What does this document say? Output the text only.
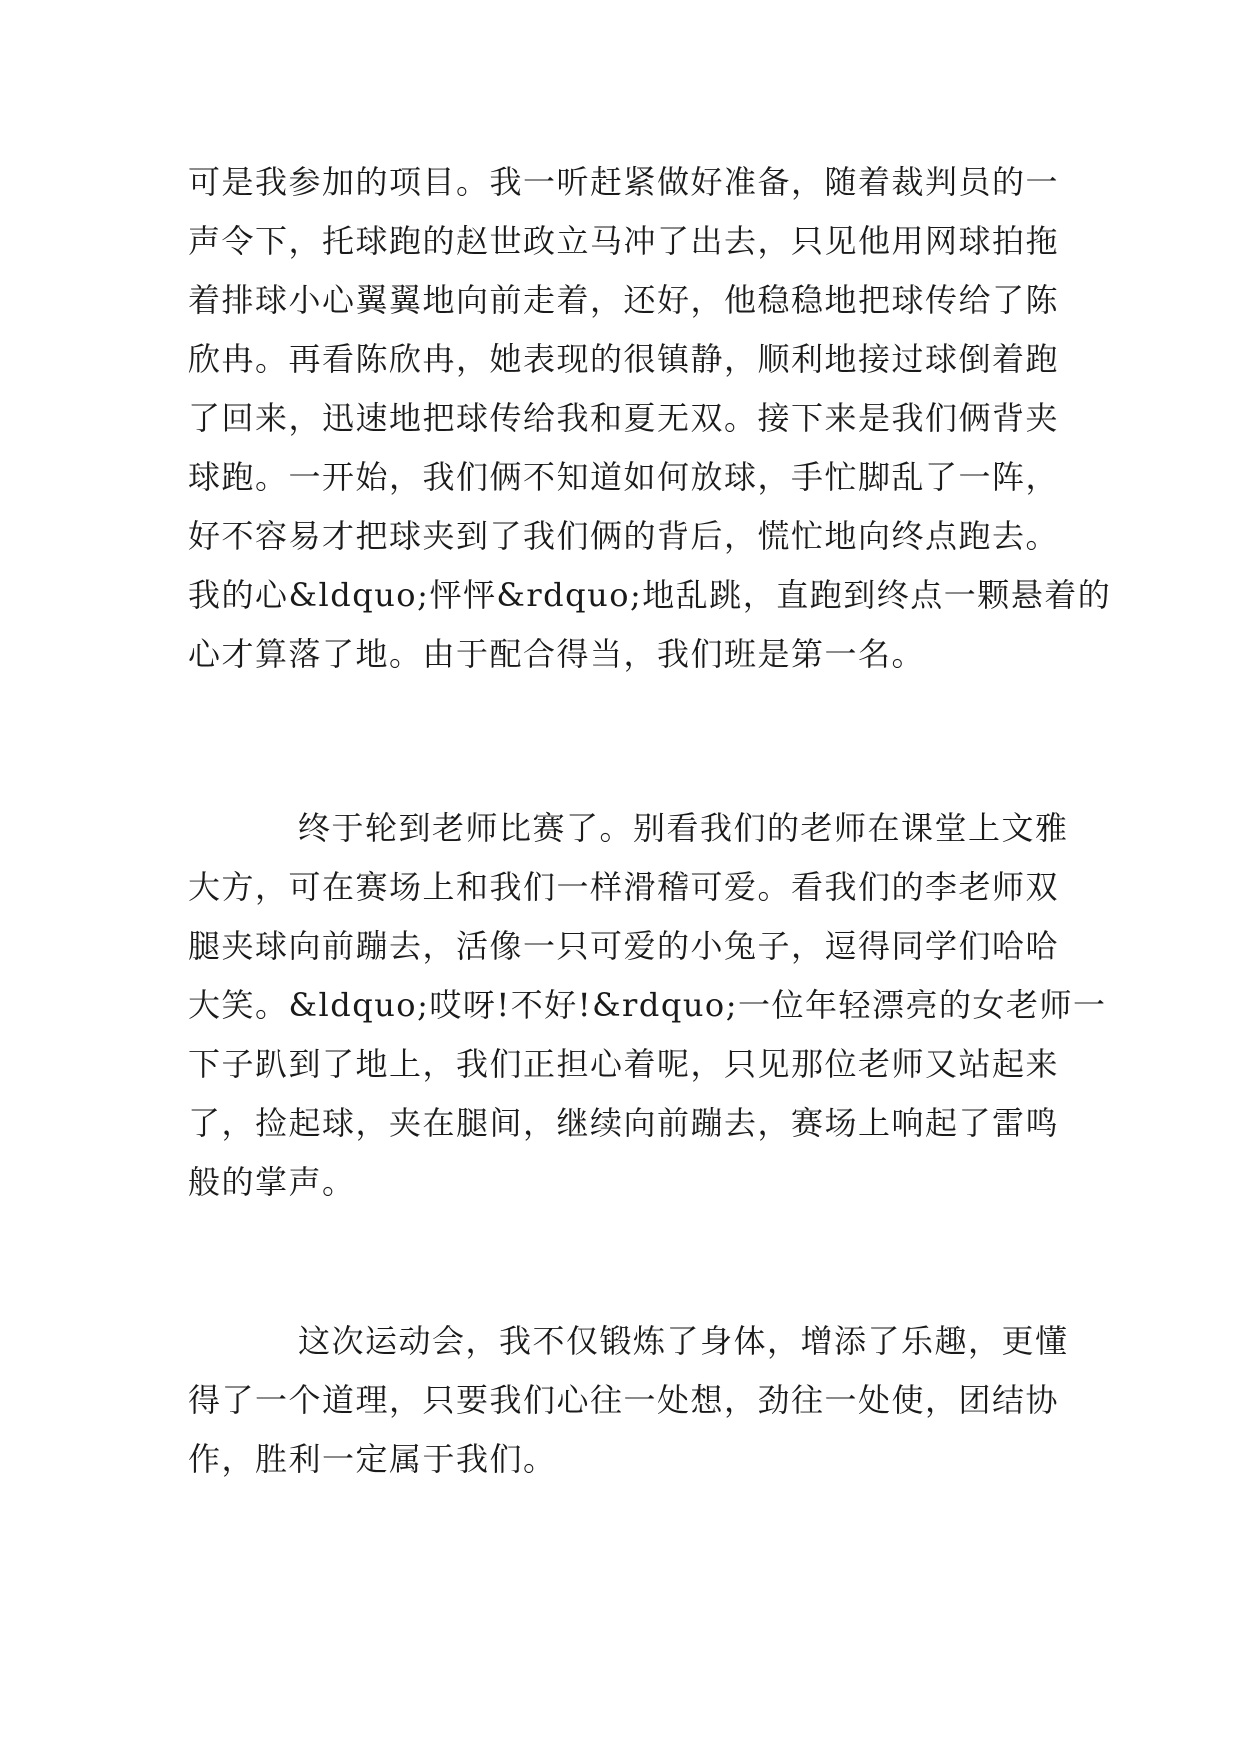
可是我参加的项目。我一听赶紧做好准备，随着裁判员的一
声令下，托球跑的赵世政立马冲了出去，只见他用网球拍拖
着排球小心翼翼地向前走着，还好，他稳稳地把球传给了陈
欣冉。再看陈欣冉，她表现的很镇静，顺利地接过球倒着跑
了回来，迅速地把球传给我和夏无双。接下来是我们俩背夹
球跑。一开始，我们俩不知道如何放球，手忙脚乱了一阵，
好不容易才把球夹到了我们俩的背后，慌忙地向终点跑去。
我的心&ldquo;怦怦&rdquo;地乱跳，直跑到终点一颗悬着的
心才算落了地。由于配合得当，我们班是第一名。
终于轮到老师比赛了。别看我们的老师在课堂上文雅
大方，可在赛场上和我们一样滑稽可爱。看我们的李老师双
腿夹球向前蹦去，活像一只可爱的小兔子，逗得同学们哈哈
大笑。&ldquo;哎呀!不好!&rdquo;一位年轻漂亮的女老师一
下子趴到了地上，我们正担心着呢，只见那位老师又站起来
了，捡起球，夹在腿间，继续向前蹦去，赛场上响起了雷鸣
般的掌声。
这次运动会，我不仅锻炼了身体，增添了乐趣，更懂
得了一个道理，只要我们心往一处想，劲往一处使，团结协
作，胜利一定属于我们。
